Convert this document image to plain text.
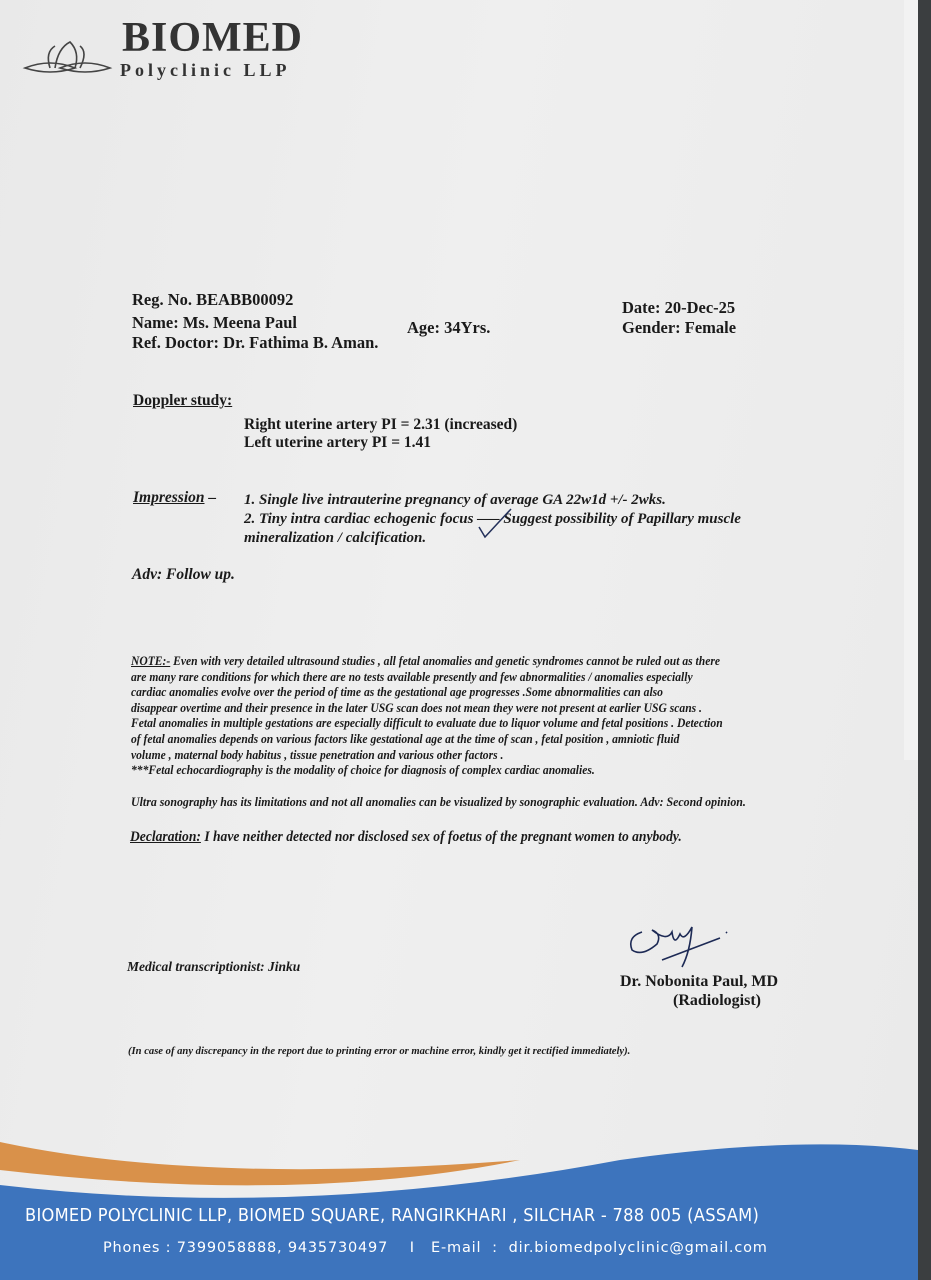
BIOMED
Polyclinic LLP
Reg. No. BEABB00092
Name: Ms. Meena Paul	Age: 34Yrs.
Ref. Doctor: Dr. Fathima B. Aman.
Date: 20-Dec-25
Gender: Female
Doppler study:
Right uterine artery PI = 2.31 (increased)
Left uterine artery PI = 1.41
Impression – 1. Single live intrauterine pregnancy of average GA 22w1d +/- 2wks.
2. Tiny intra cardiac echogenic focus —– Suggest possibility of Papillary muscle
mineralization / calcification.
Adv: Follow up.
NOTE:- Even with very detailed ultrasound studies , all fetal anomalies and genetic syndromes cannot be ruled out as there
are many rare conditions for which there are no tests available presently and few abnormalities / anomalies especially
cardiac anomalies evolve over the period of time as the gestational age progresses .Some abnormalities can also
disappear overtime and their presence in the later USG scan does not mean they were not present at earlier USG scans .
Fetal anomalies in multiple gestations are especially difficult to evaluate due to liquor volume and fetal positions . Detection
of fetal anomalies depends on various factors like gestational age at the time of scan , fetal position , amniotic fluid
volume , maternal body habitus , tissue penetration and various other factors .
***Fetal echocardiography is the modality of choice for diagnosis of complex cardiac anomalies.
Ultra sonography has its limitations and not all anomalies can be visualized by sonographic evaluation. Adv: Second opinion.
Declaration: I have neither detected nor disclosed sex of foetus of the pregnant women to anybody.
Medical transcriptionist: Jinku
Dr. Nobonita Paul, MD
(Radiologist)
(In case of any discrepancy in the report due to printing error or machine error, kindly get it rectified immediately).
BIOMED POLYCLINIC LLP, BIOMED SQUARE, RANGIRKHARI , SILCHAR - 788 005 (ASSAM)
Phones : 7399058888, 9435730497    I   E-mail  :  dir.biomedpolyclinic@gmail.com
